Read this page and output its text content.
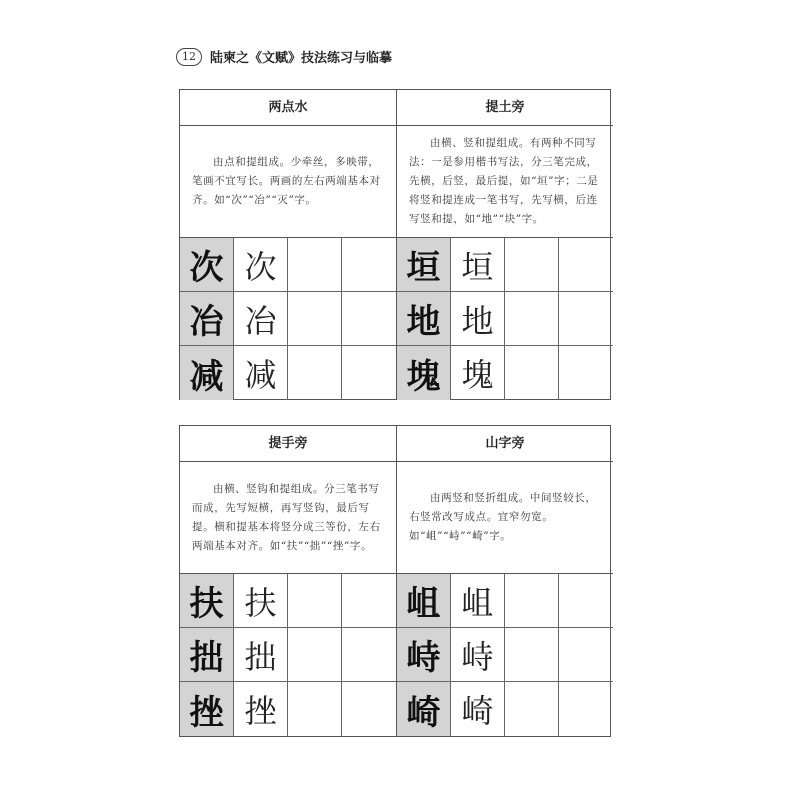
12	陆柬之《文赋》技法练习与临摹
两点水

由点和提组成。少牵丝，多映带，笔画不宜写长。两画的左右两端基本对齐。如“次”“冶”“灭”字。

次 次
冶 冶
减 减
提土旁

由横、竖和提组成。有两种不同写法：一是参用楷书写法，分三笔完成，先横，后竖，最后提，如“垣”字；二是将竖和提连成一笔书写，先写横，后连写竖和提，如“地”“块”字。

垣 垣
地 地
塊 塊
提手旁

由横、竖钩和提组成。分三笔书写而成，先写短横，再写竖钩，最后写提。横和提基本将竖分成三等份，左右两端基本对齐。如“扶”“拙”“挫”字。

扶 扶
拙 拙
挫 挫
山字旁

由两竖和竖折组成。中间竖较长，右竖常改写成点。宜窄勿宽。如“岨”“峙”“崎”字。

岨 岨
峙 峙
崎 崎
